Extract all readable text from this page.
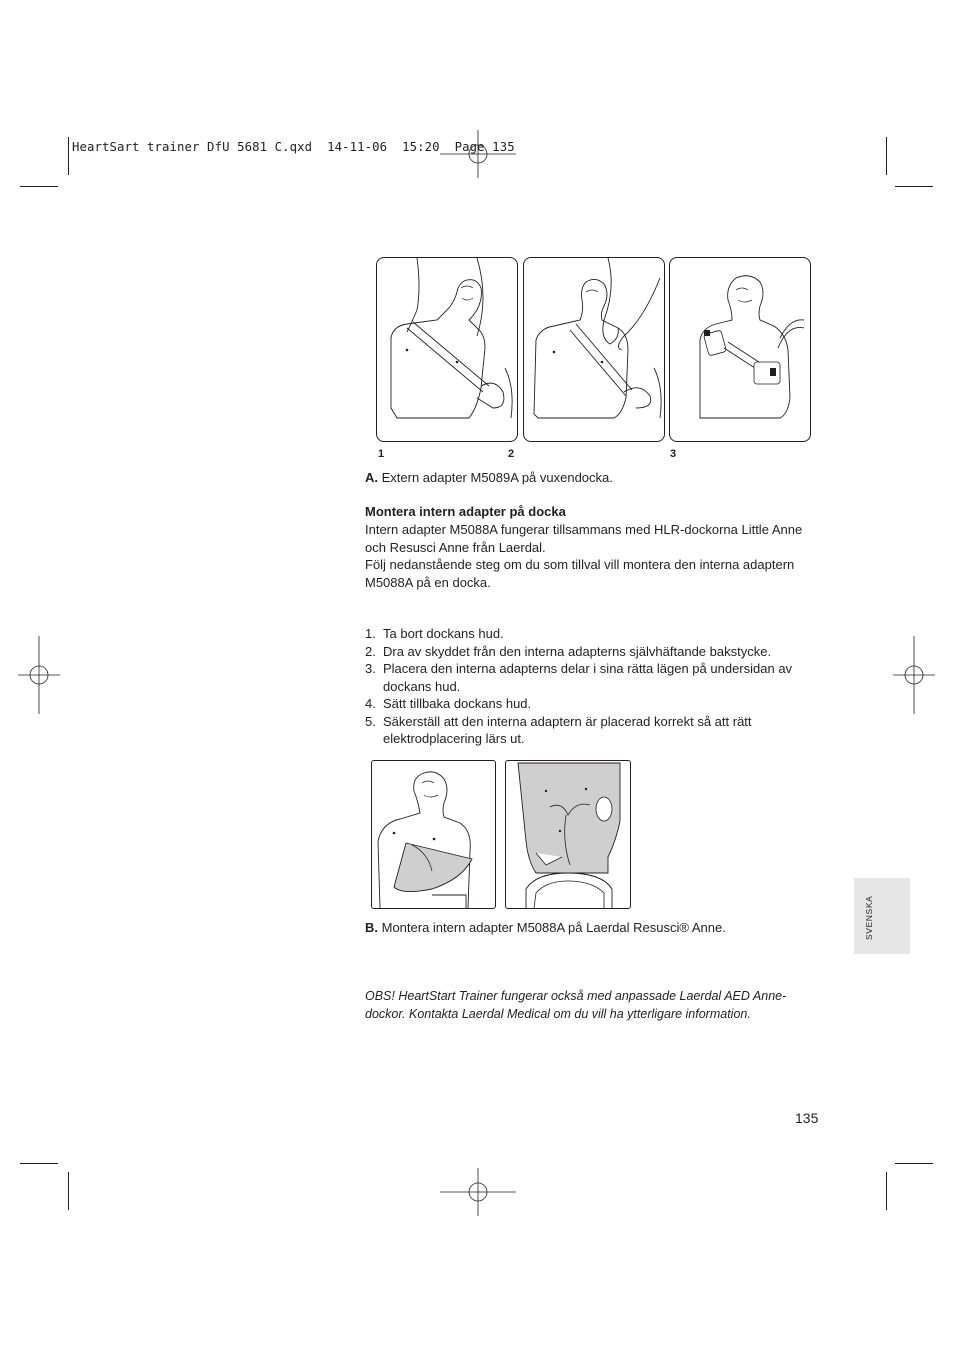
HeartSart trainer DfU 5681 C.qxd  14-11-06  15:20  Page 135
1	2	3
A. Extern adapter M5089A på vuxendocka.
Montera intern adapter på docka
Intern adapter M5088A fungerar tillsammans med HLR-dockorna Little Anne och Resusci Anne från Laerdal.
Följ nedanstående steg om du som tillval vill montera den interna adaptern M5088A på en docka.
1. Ta bort dockans hud.
2. Dra av skyddet från den interna adapterns självhäftande bakstycke.
3. Placera den interna adapterns delar i sina rätta lägen på undersidan av dockans hud.
4. Sätt tillbaka dockans hud.
5. Säkerställ att den interna adaptern är placerad korrekt så att rätt elektrodplacering lärs ut.
B. Montera intern adapter M5088A på Laerdal Resusci® Anne.
OBS! HeartStart Trainer fungerar också med anpassade Laerdal AED Anne-dockor. Kontakta Laerdal Medical om du vill ha ytterligare information.
SVENSKA
135
